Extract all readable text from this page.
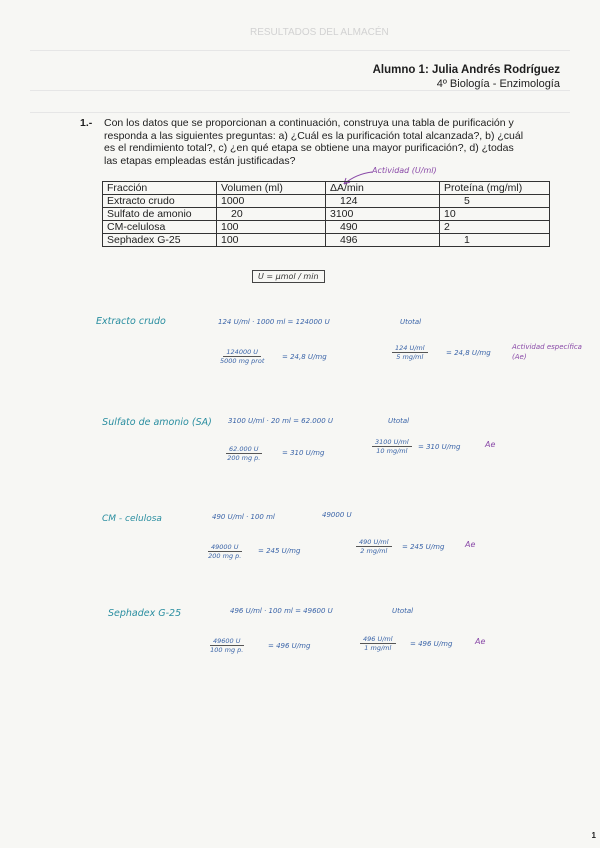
RESULTADOS DEL ALMACÉN
Alumno 1: Julia Andrés Rodríguez
4º Biología - Enzimología
1.- Con los datos que se proporcionan a continuación, construya una tabla de purificación y
responda a las siguientes preguntas: a) ¿Cuál es la purificación total alcanzada?, b) ¿cuál
es el rendimiento total?, c) ¿en qué etapa se obtiene una mayor purificación?, d) ¿todas
las etapas empleadas están justificadas?
Actividad (U/ml)
Fracción	Volumen (ml)	ΔA/min	Proteína (mg/ml)
Extracto crudo	1000	124	5
Sulfato de amonio	20	3100	10
CM-celulosa	100	490	2
Sephadex G-25	100	496	1
U = µmol / min
Extracto crudo	124 U/ml · 1000 ml = 124000 U	Utotal
124000 U
5000 mg prot	= 24,8 U/mg	$\frac{124 U/ml}{5 mg/ml}$	= 24,8 U/mg
Actividad específica (Ae)
Sulfato de amonio (SA) 3100 U/ml · 20 ml = 62.000 U	Utotal
$\frac{62.000 U}{\text{200 mg p.}}$	= 310 U/mg	$\frac{3100 U/ml}{10 mg/ml} = 310$ U/mg	Ae
CM - celulosa	490 U/ml · 100 ml	49000 U
$\frac{49000 U}{\text{200 mg p.}} = 245$ U/mg	$\frac{490 U/ml}{2 mg/ml} = 245$ U/mg	Ae
Sephadex G-25	496 U/ml · 100 ml = 49600 U	Utotal
$\frac{49600 U}{\text{100 mg p.}}$	= 496 U/mg	$\frac{496 U/ml}{1 mg/ml} = 496$ U/mg	Ae
1
